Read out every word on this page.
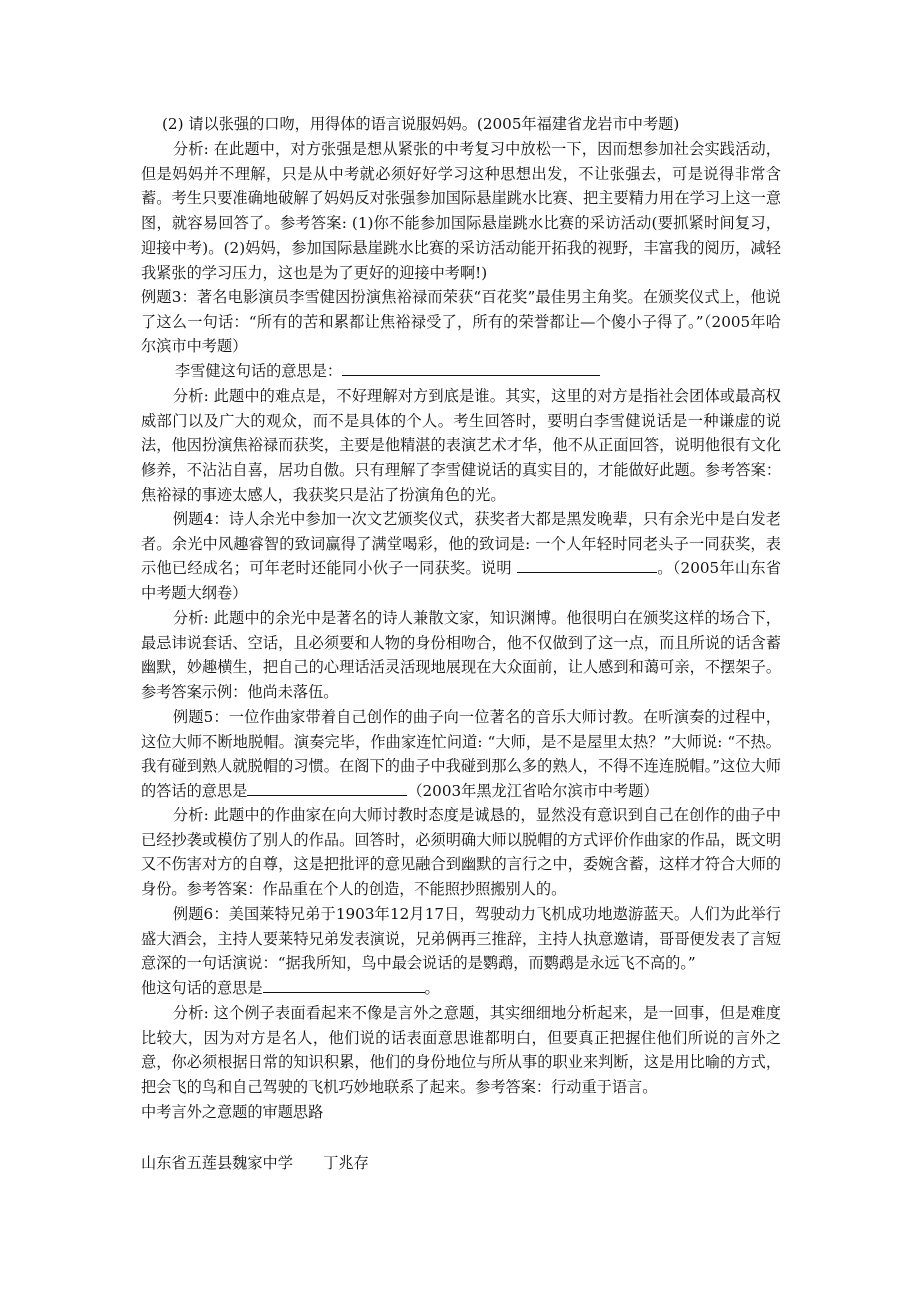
(2) 请以张强的口吻，用得体的语言说服妈妈。(2005年福建省龙岩市中考题)

分析: 在此题中，对方张强是想从紧张的中考复习中放松一下，因而想参加社会实践活动，但是妈妈并不理解，只是从中考就必须好好学习这种思想出发，不让张强去，可是说得非常含蓄。考生只要准确地破解了妈妈反对张强参加国际悬崖跳水比赛、把主要精力用在学习上这一意图，就容易回答了。参考答案: (1)你不能参加国际悬崖跳水比赛的采访活动(要抓紧时间复习，迎接中考)。(2)妈妈，参加国际悬崖跳水比赛的采访活动能开拓我的视野，丰富我的阅历，减轻我紧张的学习压力，这也是为了更好的迎接中考啊!)

例题3：著名电影演员李雪健因扮演焦裕禄而荣获“百花奖”最佳男主角奖。在颁奖仪式上，他说了这么一句话：“所有的苦和累都让焦裕禄受了，所有的荣誉都让—个傻小子得了。”（2005年哈尔滨市中考题）

李雪健这句话的意思是：

分析: 此题中的难点是，不好理解对方到底是谁。其实，这里的对方是指社会团体或最高权威部门以及广大的观众，而不是具体的个人。考生回答时，要明白李雪健说话是一种谦虚的说法，他因扮演焦裕禄而获奖，主要是他精湛的表演艺术才华，他不从正面回答，说明他很有文化修养，不沾沾自喜，居功自傲。只有理解了李雪健说话的真实目的，才能做好此题。参考答案：焦裕禄的事迹太感人，我获奖只是沾了扮演角色的光。

例题4：诗人余光中参加一次文艺颁奖仪式，获奖者大都是黑发晚辈，只有余光中是白发老者。余光中风趣睿智的致词赢得了满堂喝彩，他的致词是: 一个人年轻时同老头子一同获奖，表示他已经成名；可年老时还能同小伙子一同获奖。说明	。（2005年山东省中考题大纲卷）

分析: 此题中的余光中是著名的诗人兼散文家，知识渊博。他很明白在颁奖这样的场合下，最忌讳说套话、空话，且必须要和人物的身份相吻合，他不仅做到了这一点，而且所说的话含蓄幽默，妙趣横生，把自己的心理话活灵活现地展现在大众面前，让人感到和蔼可亲，不摆架子。参考答案示例：他尚未落伍。

例题5：一位作曲家带着自己创作的曲子向一位著名的音乐大师讨教。在听演奏的过程中，这位大师不断地脱帽。演奏完毕，作曲家连忙问道: “大师，是不是屋里太热？”大师说: “不热。我有碰到熟人就脱帽的习惯。在阁下的曲子中我碰到那么多的熟人，不得不连连脱帽。”这位大师的答话的意思是	（2003年黑龙江省哈尔滨市中考题）

分析: 此题中的作曲家在向大师讨教时态度是诚恳的，显然没有意识到自己在创作的曲子中已经抄袭或模仿了别人的作品。回答时，必须明确大师以脱帽的方式评价作曲家的作品，既文明又不伤害对方的自尊，这是把批评的意见融合到幽默的言行之中，委婉含蓄，这样才符合大师的身份。参考答案：作品重在个人的创造，不能照抄照搬别人的。

例题6：美国莱特兄弟于1903年12月17日，驾驶动力飞机成功地遨游蓝天。人们为此举行盛大酒会，主持人要莱特兄弟发表演说，兄弟俩再三推辞，主持人执意邀请，哥哥便发表了言短意深的一句话演说：“据我所知，鸟中最会说话的是鹦鹉，而鹦鹉是永远飞不高的。”

他这句话的意思是	。

分析: 这个例子表面看起来不像是言外之意题，其实细细地分析起来，是一回事，但是难度比较大，因为对方是名人，他们说的话表面意思谁都明白，但要真正把握住他们所说的言外之意，你必须根据日常的知识积累，他们的身份地位与所从事的职业来判断，这是用比喻的方式，把会飞的鸟和自己驾驶的飞机巧妙地联系了起来。参考答案：行动重于语言。

中考言外之意题的审题思路

山东省五莲县魏家中学　　丁兆存
